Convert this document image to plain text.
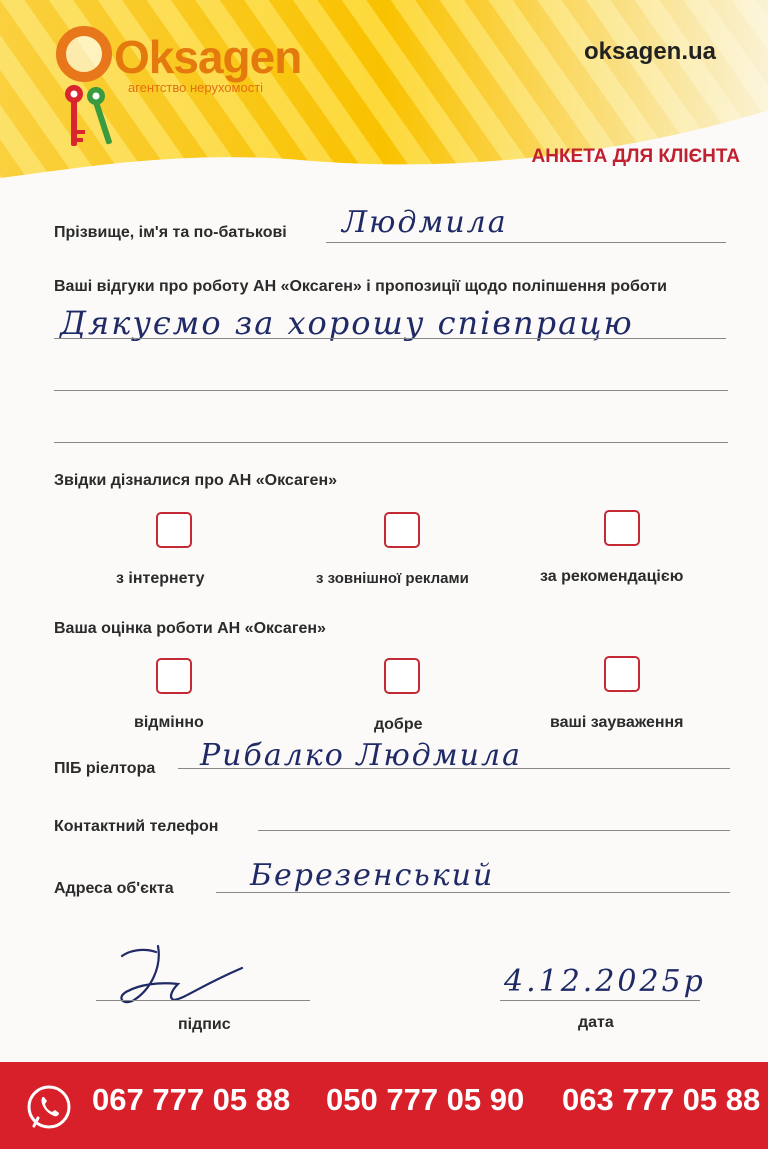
Oksagen
агентство нерухомості
oksagen.ua
АНКЕТА ДЛЯ КЛІЄНТА
Прізвище, ім'я та по-батькові Людмила
Ваші відгуки про роботу АН «Оксаген» і пропозиції щодо поліпшення роботи
Дякуємо за хорошу співпрацю
Звідки дізналися про АН «Оксаген»
з інтернету	з зовнішної реклами	за рекомендацією
Ваша оцінка роботи АН «Оксаген»
відмінно	добре	ваші зауваження
ПІБ ріелтора Рибалко Людмила
Контактний телефон
Адреса об'єкта	Березенський
підпис
4.12.2025р
дата
067 777 05 88 050 777 05 90 063 777 05 88
